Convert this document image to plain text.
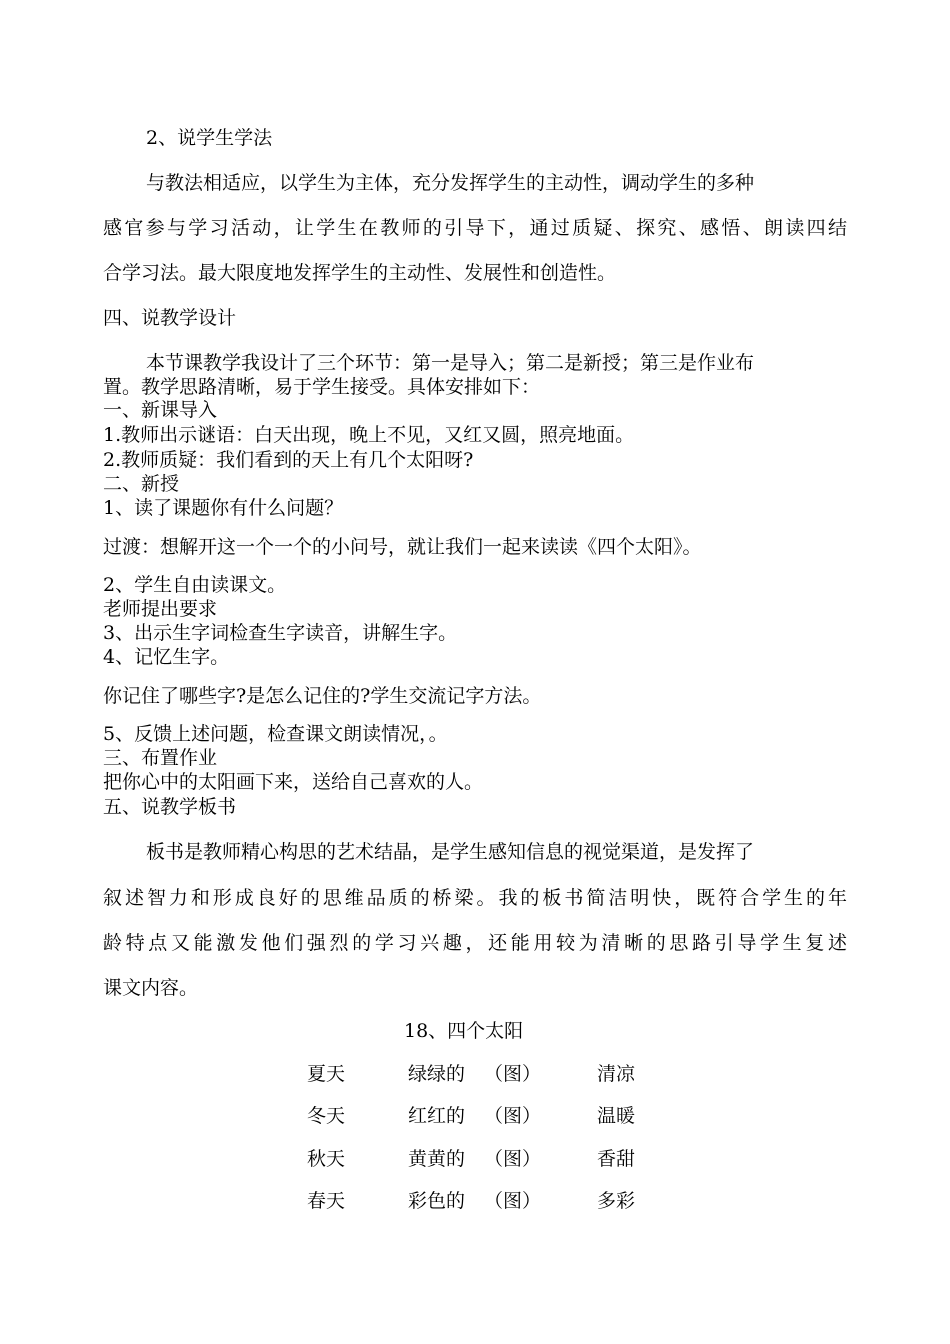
2、说学生学法
与教法相适应，以学生为主体，充分发挥学生的主动性，调动学生的多种
感官参与学习活动，让学生在教师的引导下，通过质疑、探究、感悟、朗读四结
合学习法。最大限度地发挥学生的主动性、发展性和创造性。
四、说教学设计
本节课教学我设计了三个环节：第一是导入；第二是新授；第三是作业布
置。教学思路清晰，易于学生接受。具体安排如下：
一、新课导入
1.教师出示谜语：白天出现，晚上不见，又红又圆，照亮地面。
2.教师质疑：我们看到的天上有几个太阳呀?
二、新授
1、读了课题你有什么问题？
过渡：想解开这一个一个的小问号，就让我们一起来读读《四个太阳》。
2、学生自由读课文。
老师提出要求
3、出示生字词检查生字读音，讲解生字。
4、记忆生字。
你记住了哪些字?是怎么记住的?学生交流记字方法。
5、反馈上述问题，检查课文朗读情况，。
三、布置作业
把你心中的太阳画下来，送给自己喜欢的人。
五、说教学板书
板书是教师精心构思的艺术结晶，是学生感知信息的视觉渠道，是发挥了
叙述智力和形成良好的思维品质的桥梁。我的板书简洁明快，既符合学生的年
龄特点又能激发他们强烈的学习兴趣，还能用较为清晰的思路引导学生复述
课文内容。
18、四个太阳
夏天	绿绿的 （图）	清凉
冬天	红红的 （图）	温暖
秋天	黄黄的 （图）	香甜
春天	彩色的 （图）	多彩
